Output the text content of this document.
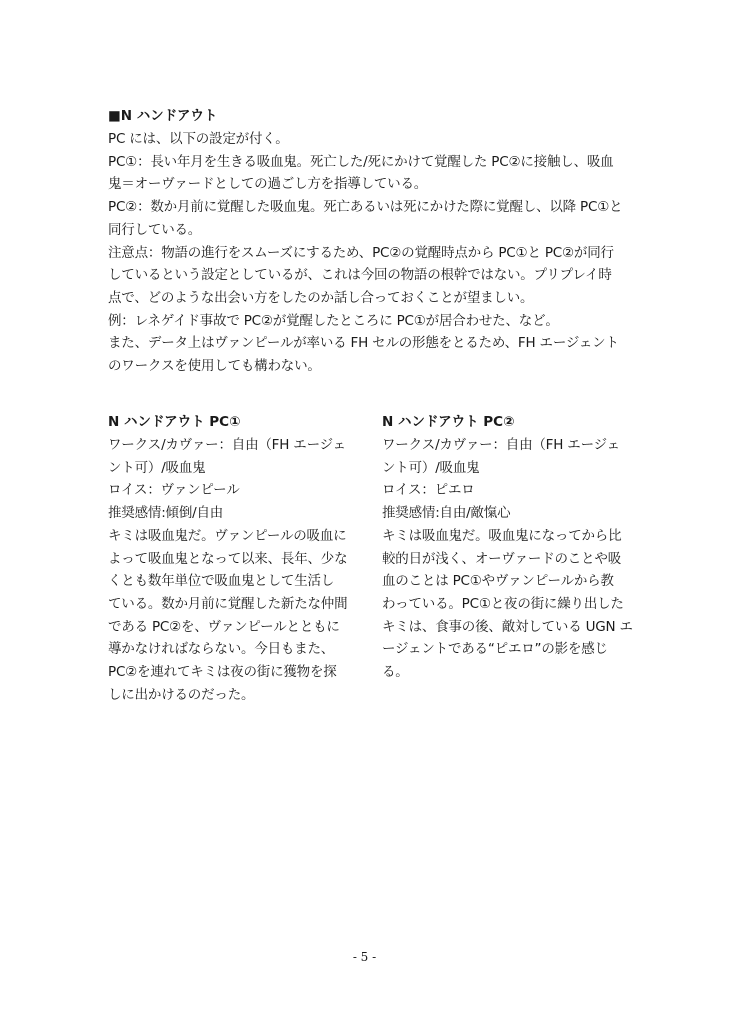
■N ハンドアウト

PC には、以下の設定が付く。

PC①：長い年月を生きる吸血鬼。死亡した/死にかけて覚醒した PC②に接触し、吸血

鬼＝オーヴァードとしての過ごし方を指導している。

PC②：数か月前に覚醒した吸血鬼。死亡あるいは死にかけた際に覚醒し、以降 PC①と

同行している。

注意点：物語の進行をスムーズにするため、PC②の覚醒時点から PC①と PC②が同行

しているという設定としているが、これは今回の物語の根幹ではない。プリプレイ時

点で、どのような出会い方をしたのか話し合っておくことが望ましい。

例：レネゲイド事故で PC②が覚醒したところに PC①が居合わせた、など。

また、データ上はヴァンピールが率いる FH セルの形態をとるため、FH エージェント

のワークスを使用しても構わない。

N ハンドアウト PC①

ワークス/カヴァー：自由（FH エージェ

ント可）/吸血鬼

ロイス：ヴァンピール

推奨感情:傾倒/自由

キミは吸血鬼だ。ヴァンピールの吸血に

よって吸血鬼となって以来、長年、少な

くとも数年単位で吸血鬼として生活し

ている。数か月前に覚醒した新たな仲間

である PC②を、ヴァンピールとともに

導かなければならない。今日もまた、

PC②を連れてキミは夜の街に獲物を探

しに出かけるのだった。

N ハンドアウト PC②

ワークス/カヴァー：自由（FH エージェ

ント可）/吸血鬼

ロイス：ピエロ

推奨感情:自由/敵愾心

キミは吸血鬼だ。吸血鬼になってから比

較的日が浅く、オーヴァードのことや吸

血のことは PC①やヴァンピールから教

わっている。PC①と夜の街に繰り出した

キミは、食事の後、敵対している UGN エ

ージェントである“ピエロ”の影を感じ

る。

- 5 -
